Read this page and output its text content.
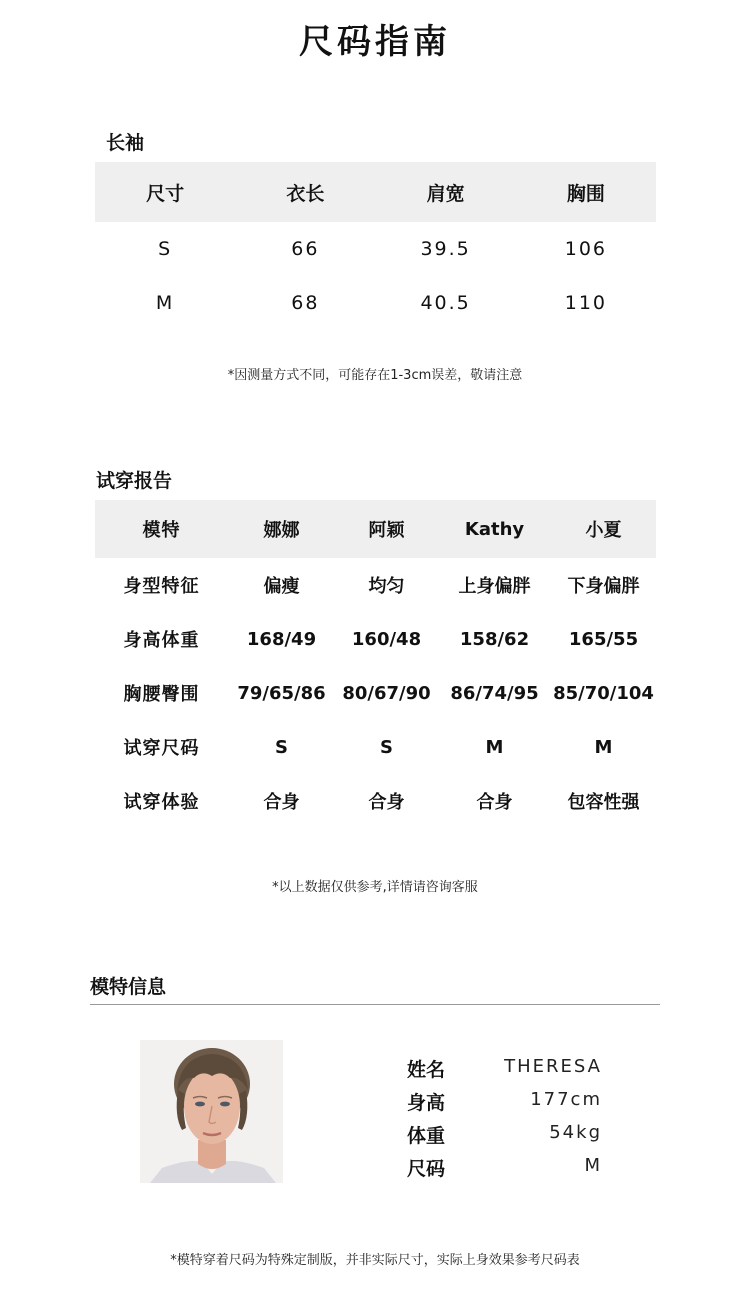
尺码指南
长袖
尺寸	衣长	肩宽	胸围
S	66	39.5	106
M	68	40.5	110
*因测量方式不同，可能存在1-3cm误差，敬请注意
试穿报告
模特	娜娜	阿颖	Kathy	小夏
身型特征	偏瘦	均匀	上身偏胖	下身偏胖
身高体重	168/49	160/48	158/62	165/55
胸腰臀围	79/65/86	80/67/90	86/74/95	85/70/104
试穿尺码	S	S	M	M
试穿体验	合身	合身	合身	包容性强
*以上数据仅供参考,详情请咨询客服
模特信息
姓名	THERESA
身高	177cm
体重	54kg
尺码	M
*模特穿着尺码为特殊定制版，并非实际尺寸，实际上身效果参考尺码表
